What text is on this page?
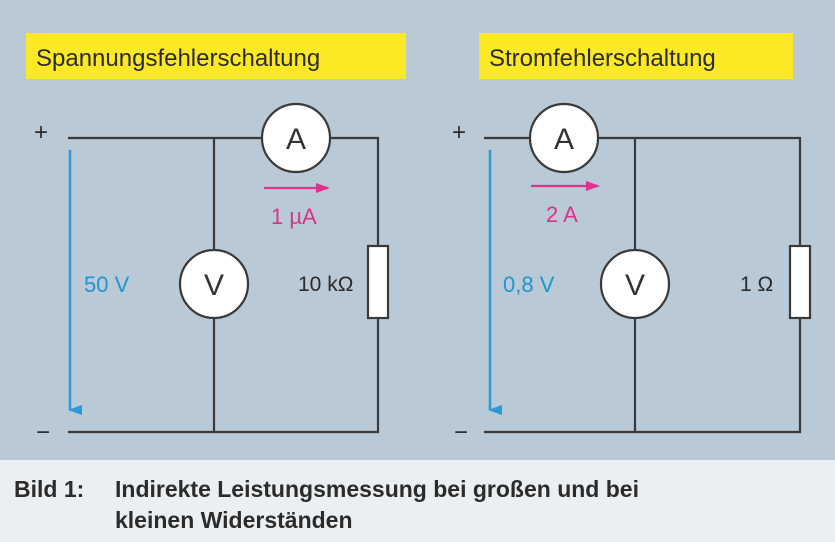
Spannungsfehlerschaltung
+
−
A
V	10 kΩ
50 V
1 µA
Stromfehlerschaltung
+
−
A
V	1 Ω
0,8 V
2 A
Bild 1: Indirekte Leistungsmessung bei großen und bei
kleinen Widerständen
